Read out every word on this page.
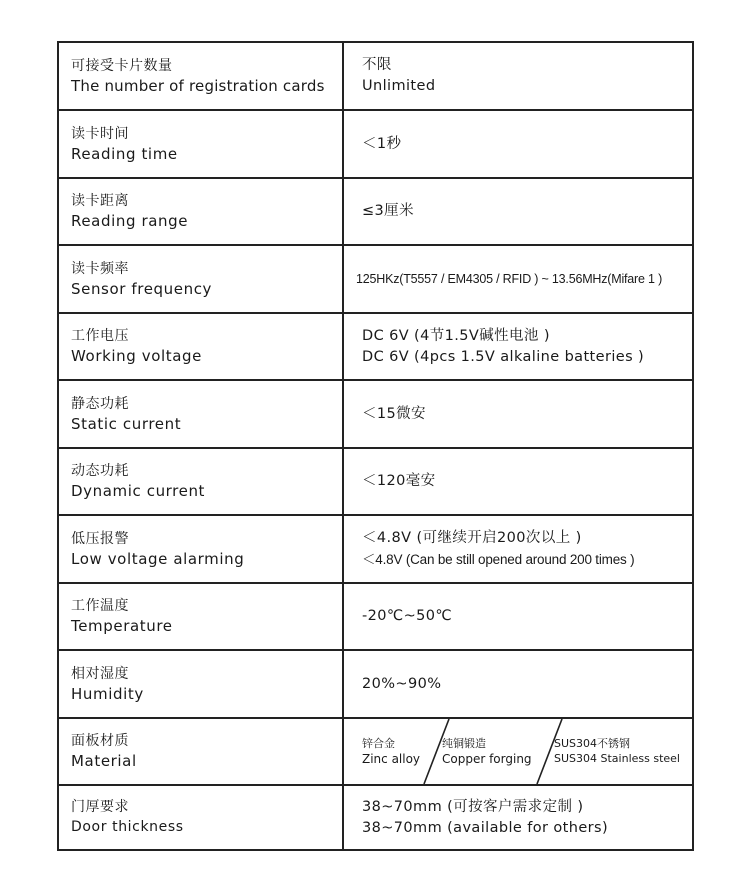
可接受卡片数量
The number of registration cards
不限
Unlimited
读卡时间
Reading time
＜1秒
读卡距离
Reading range
≤3厘米
读卡频率
Sensor frequency
125HKz(T5557 / EM4305 / RFID ) ~ 13.56MHz(Mifare 1 )
工作电压
Working voltage
DC 6V (4节1.5V碱性电池 )
DC 6V (4pcs 1.5V alkaline batteries )
静态功耗
Static current
＜15微安
动态功耗
Dynamic current
＜120毫安
低压报警
Low voltage alarming
＜4.8V (可继续开启200次以上 )
＜4.8V (Can be still opened around 200 times )
工作温度
Temperature
-20℃~50℃
相对湿度
Humidity
20%~90%
面板材质
Material
锌合金
Zinc alloy
纯铜锻造
Copper forging
SUS304不锈钢
SUS304 Stainless steel
门厚要求
Door thickness
38~70mm (可按客户需求定制 )
38~70mm (available for others)
